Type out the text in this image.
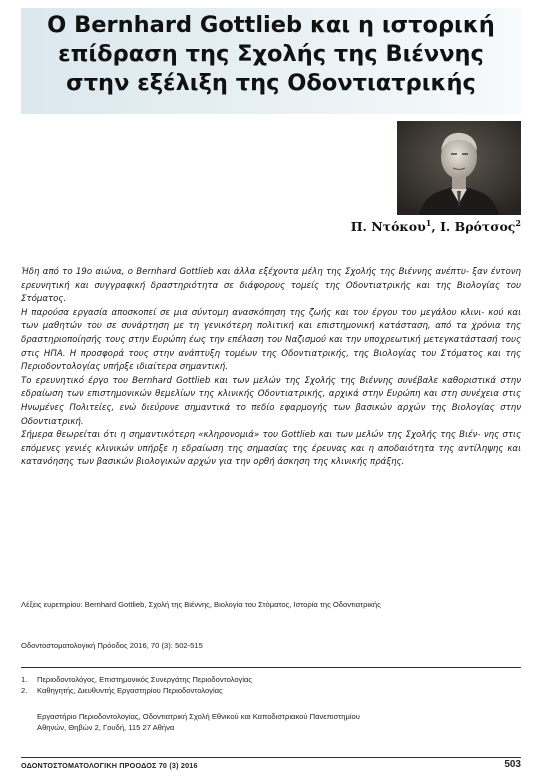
Ο Bernhard Gottlieb και η ιστορική
επίδραση της Σχολής της Βιέννης
στην εξέλιξη της Οδοντιατρικής
Π. Ντόκου$^1$, Ι. Βρότσος$^2$

Ήδη από το 19ο αιώνα, ο Bernhard Gottlieb και άλλα εξέχοντα μέλη της Σχολής της Βιέννης ανέπτυ- ξαν έντονη ερευνητική και συγγραφική δραστηριότητα σε διάφορους τομείς της Οδοντιατρικής και της Βιολογίας του Στόματος.

Η παρούσα εργασία αποσκοπεί σε μια σύντομη ανασκόπηση της ζωής και του έργου του μεγάλου κλινι- κού και των μαθητών του σε συνάρτηση με τη γενικότερη πολιτική και επιστημονική κατάσταση, από τα χρόνια της δραστηριοποίησής τους στην Ευρώπη έως την επέλαση του Ναζισμού και την υποχρεωτική μετεγκατάστασή τους στις ΗΠΑ. Η προσφορά τους στην ανάπτυξη τομέων της Οδοντιατρικής, της Βιολογίας του Στόματος και της Περιοδοντολογίας υπήρξε ιδιαίτερα σημαντική.

Το ερευνητικό έργο του Bernhard Gottlieb και των μελών της Σχολής της Βιέννης συνέβαλε καθοριστικά στην εδραίωση των επιστημονικών θεμελίων της κλινικής Οδοντιατρικής, αρχικά στην Ευρώπη και στη συνέχεια στις Ηνωμένες Πολιτείες, ενώ διεύρυνε σημαντικά το πεδίο εφαρμογής των βασικών αρχών της Βιολογίας στην Οδοντιατρική.

Σήμερα θεωρείται ότι η σημαντικότερη «κληρονομιά» του Gottlieb και των μελών της Σχολής της Βιέν- νης στις επόμενες γενιές κλινικών υπήρξε η εδραίωση της σημασίας της έρευνας και η αποδαιότητα της αντίληψης και κατανόησης των βασικών βιολογικών αρχών για την ορθή άσκηση της κλινικής πράξης.

Λέξεις ευρετηρίου: Bernhard Gottlieb, Σχολή της Βιέννης, Βιολογία του Στόματος, Ιστορία της Οδοντιατρικής
Οδοντοστοματολογική Πρόοδος 2016, 70 (3): 502-515
1. Περιοδοντολόγος, Επιστημονικός Συνεργάτης Περιοδοντολογίας
2. Καθηγητής, Διευθυντής Εργαστηρίου Περιοδοντολογίας
Εργαστήριο Περιοδοντολογίας, Οδοντιατρική Σχολή Εθνικού και Καποδιστριακού Πανεπιστημίου
Αθηνών, Θηβών 2, Γουδή, 115 27 Αθήνα
ΟΔΟΝΤΟΣΤΟΜΑΤΟΛΟΓΙΚΗ ΠΡΟΟΔΟΣ 70 (3) 2016	503
